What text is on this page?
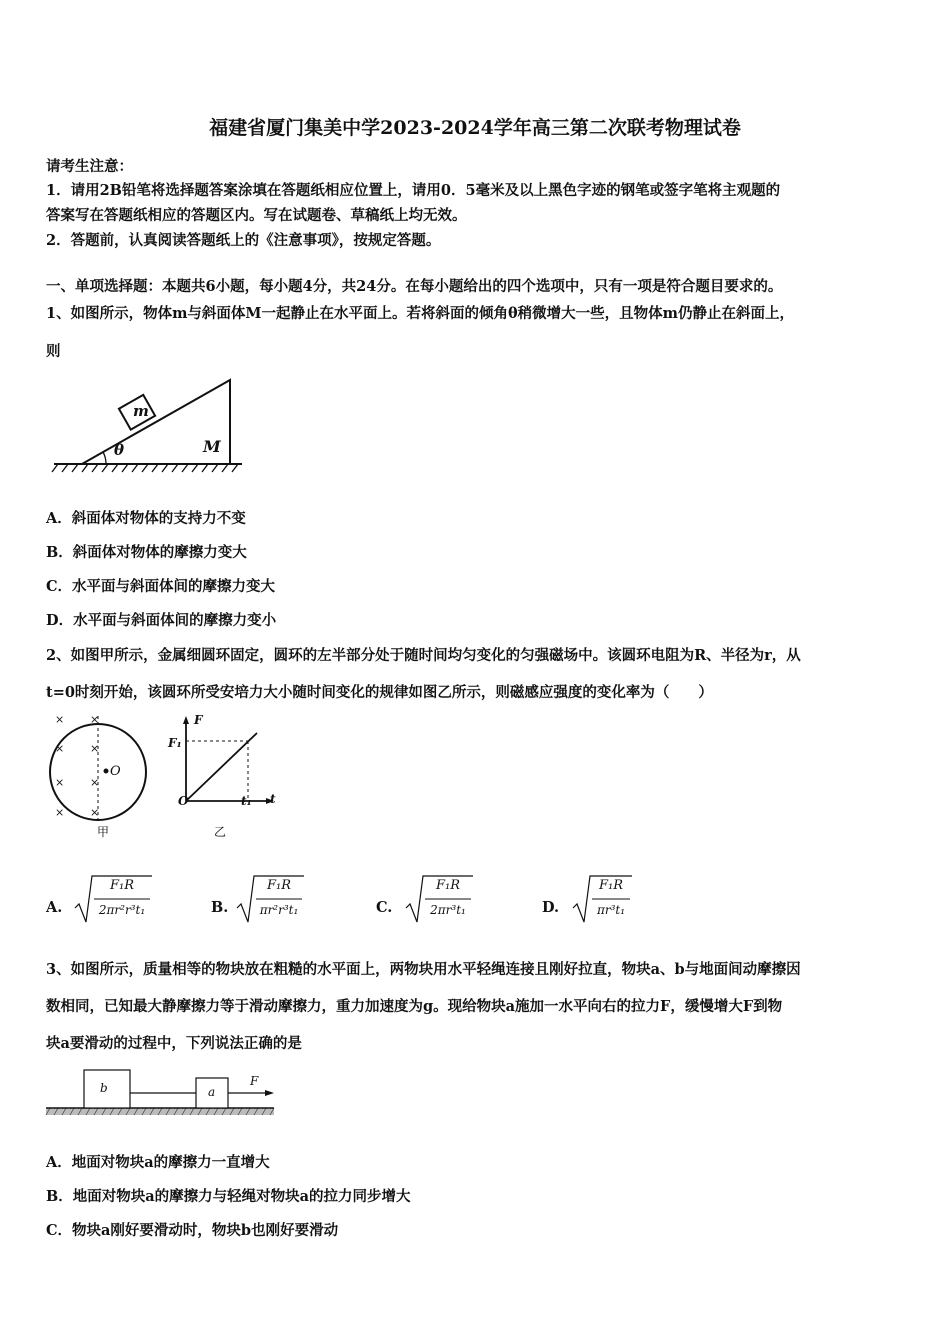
福建省厦门集美中学2023-2024学年高三第二次联考物理试卷
请考生注意：
1．请用2B铅笔将选择题答案涂填在答题纸相应位置上，请用0．5毫米及以上黑色字迹的钢笔或签字笔将主观题的
答案写在答题纸相应的答题区内。写在试题卷、草稿纸上均无效。
2．答题前，认真阅读答题纸上的《注意事项》，按规定答题。
一、单项选择题：本题共6小题，每小题4分，共24分。在每小题给出的四个选项中，只有一项是符合题目要求的。
1、如图所示，物体m与斜面体M一起静止在水平面上。若将斜面的倾角θ稍微增大一些，且物体m仍静止在斜面上，
则
m
θ	M
A．斜面体对物体的支持力不变
B．斜面体对物体的摩擦力变大
C．水平面与斜面体间的摩擦力变大
D．水平面与斜面体间的摩擦力变小
2、如图甲所示，金属细圆环固定，圆环的左半部分处于随时间均匀变化的匀强磁场中。该圆环电阻为R、半径为r，从
t=0时刻开始，该圆环所受安培力大小随时间变化的规律如图乙所示，则磁感应强度的变化率为（　　）
× ×
× ×
× ×
× ×
O
甲
F
F₁
O	t₁ t
乙
A.
F₁R
2πr²r³t₁	B.
F₁R
πr²r³t₁	C.
F₁R
2πr³t₁	D.
F₁R
πr³t₁
3、如图所示，质量相等的物块放在粗糙的水平面上，两物块用水平轻绳连接且刚好拉直，物块a、b与地面间动摩擦因
数相同，已知最大静摩擦力等于滑动摩擦力，重力加速度为g。现给物块a施加一水平向右的拉力F，缓慢增大F到物
块a要滑动的过程中，下列说法正确的是
b	a
F
A．地面对物块a的摩擦力一直增大
B．地面对物块a的摩擦力与轻绳对物块a的拉力同步增大
C．物块a刚好要滑动时，物块b也刚好要滑动
